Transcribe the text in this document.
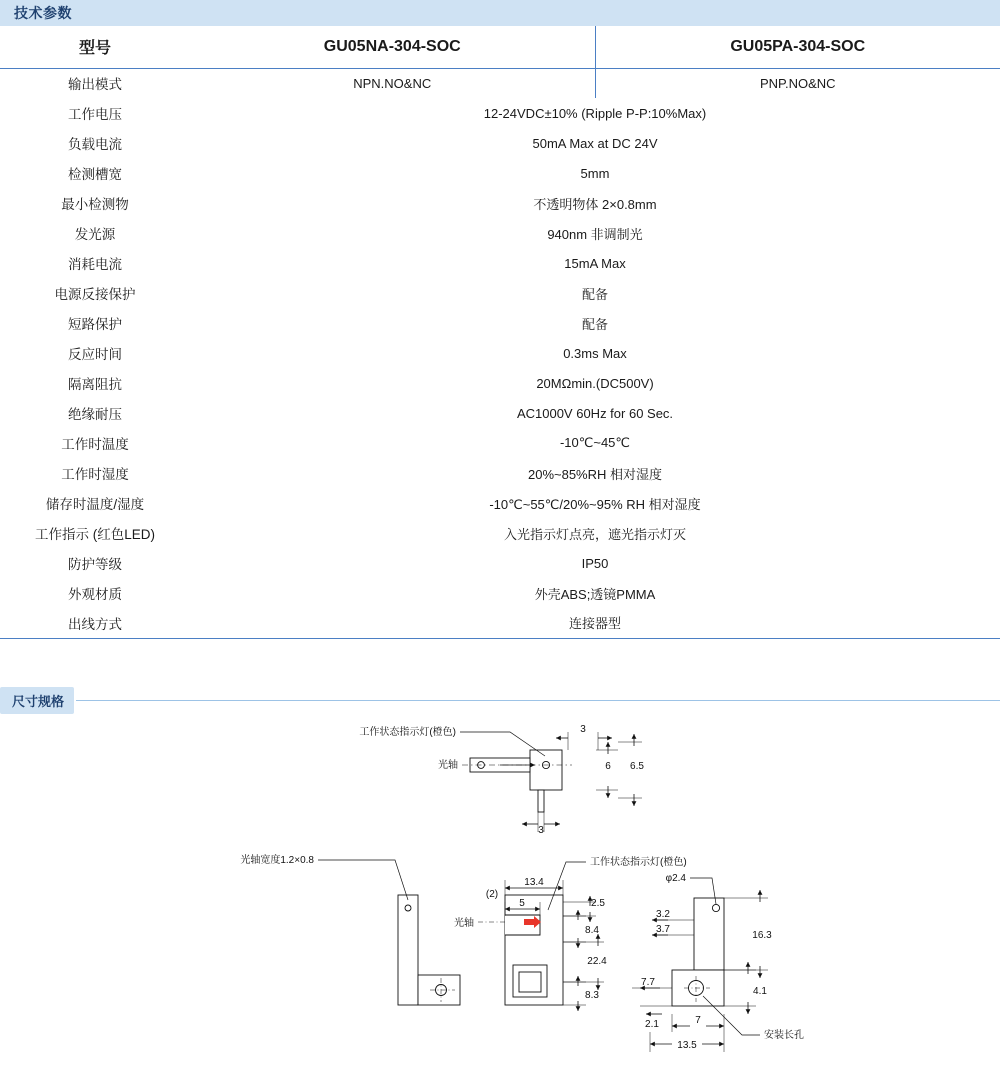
技术参数
型号	GU05NA-304-SOC	GU05PA-304-SOC
输出模式	NPN.NO&NC	PNP.NO&NC
工作电压	12-24VDC±10% (Ripple P-P:10%Max)	
负载电流	50mA Max at DC 24V	
检测槽宽	5mm	
最小检测物	不透明物体 2×0.8mm	
发光源	940nm 非调制光	
消耗电流	15mA Max	
电源反接保护	配备	
短路保护	配备	
反应时间	0.3ms Max	
隔离阻抗	20MΩmin.(DC500V)	
绝缘耐压	AC1000V 60Hz for 60 Sec.	
工作时温度	-10℃~45℃	
工作时湿度	20%~85%RH 相对湿度	
储存时温度/湿度	-10℃~55℃/20%~95% RH 相对湿度	
工作指示 (红色LED)	入光指示灯点亮，遮光指示灯灭	
防护等级	IP50	
外观材质	外壳ABS;透镜PMMA	
出线方式	连接器型	
尺寸规格
3
6 6.5
3
工作状态指示灯(橙色)
光轴
光轴宽度1.2×0.8
光轴
工作状态指示灯(橙色)
(2)
13.4
5	2.5
8.4
22.4
8.3
φ2.4
3.2
3.7
16.3
4.1
7.7
2.1	7
13.5
安装长孔
